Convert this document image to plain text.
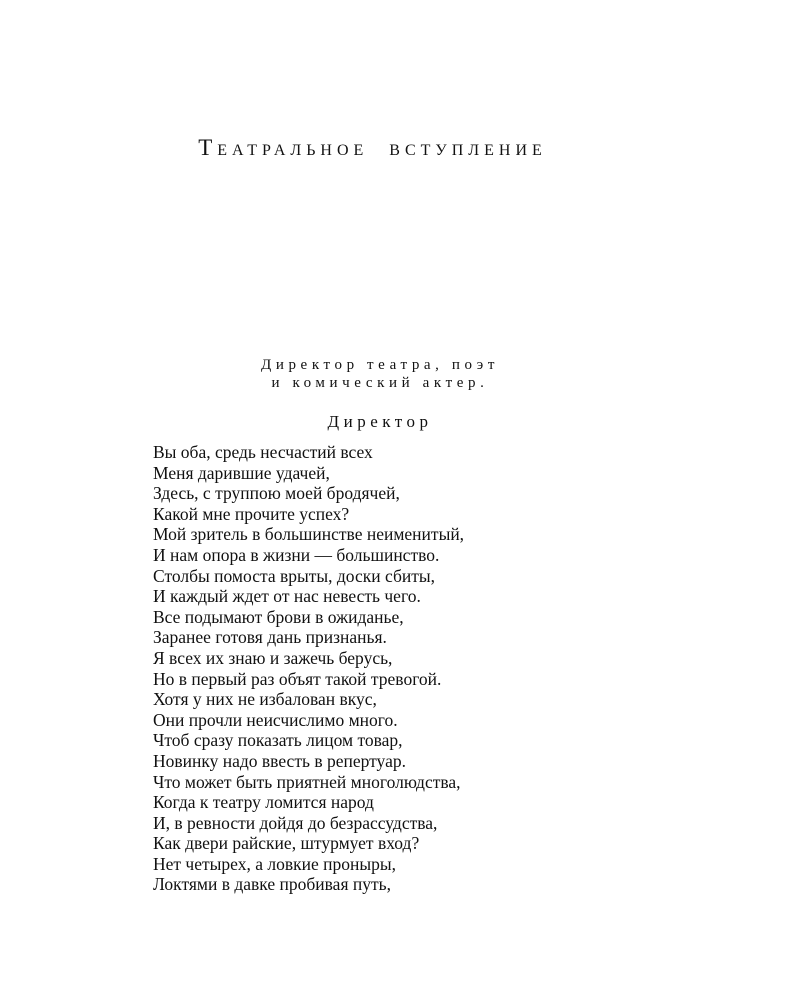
ТЕАТРАЛЬНОЕ ВСТУПЛЕНИЕ
Директор театра, поэт
и комический актер.
Директор
Вы оба, средь несчастий всех
Меня дарившие удачей,
Здесь, с труппою моей бродячей,
Какой мне прочите успех?
Мой зритель в большинстве неименитый,
И нам опора в жизни — большинство.
Столбы помоста врыты, доски сбиты,
И каждый ждет от нас невесть чего.
Все подымают брови в ожиданье,
Заранее готовя дань признанья.
Я всех их знаю и зажечь берусь,
Но в первый раз объят такой тревогой.
Хотя у них не избалован вкус,
Они прочли неисчислимо много.
Чтоб сразу показать лицом товар,
Новинку надо ввесть в репертуар.
Что может быть приятней многолюдства,
Когда к театру ломится народ
И, в ревности дойдя до безрассудства,
Как двери райские, штурмует вход?
Нет четырех, а ловкие проныры,
Локтями в давке пробивая путь,
